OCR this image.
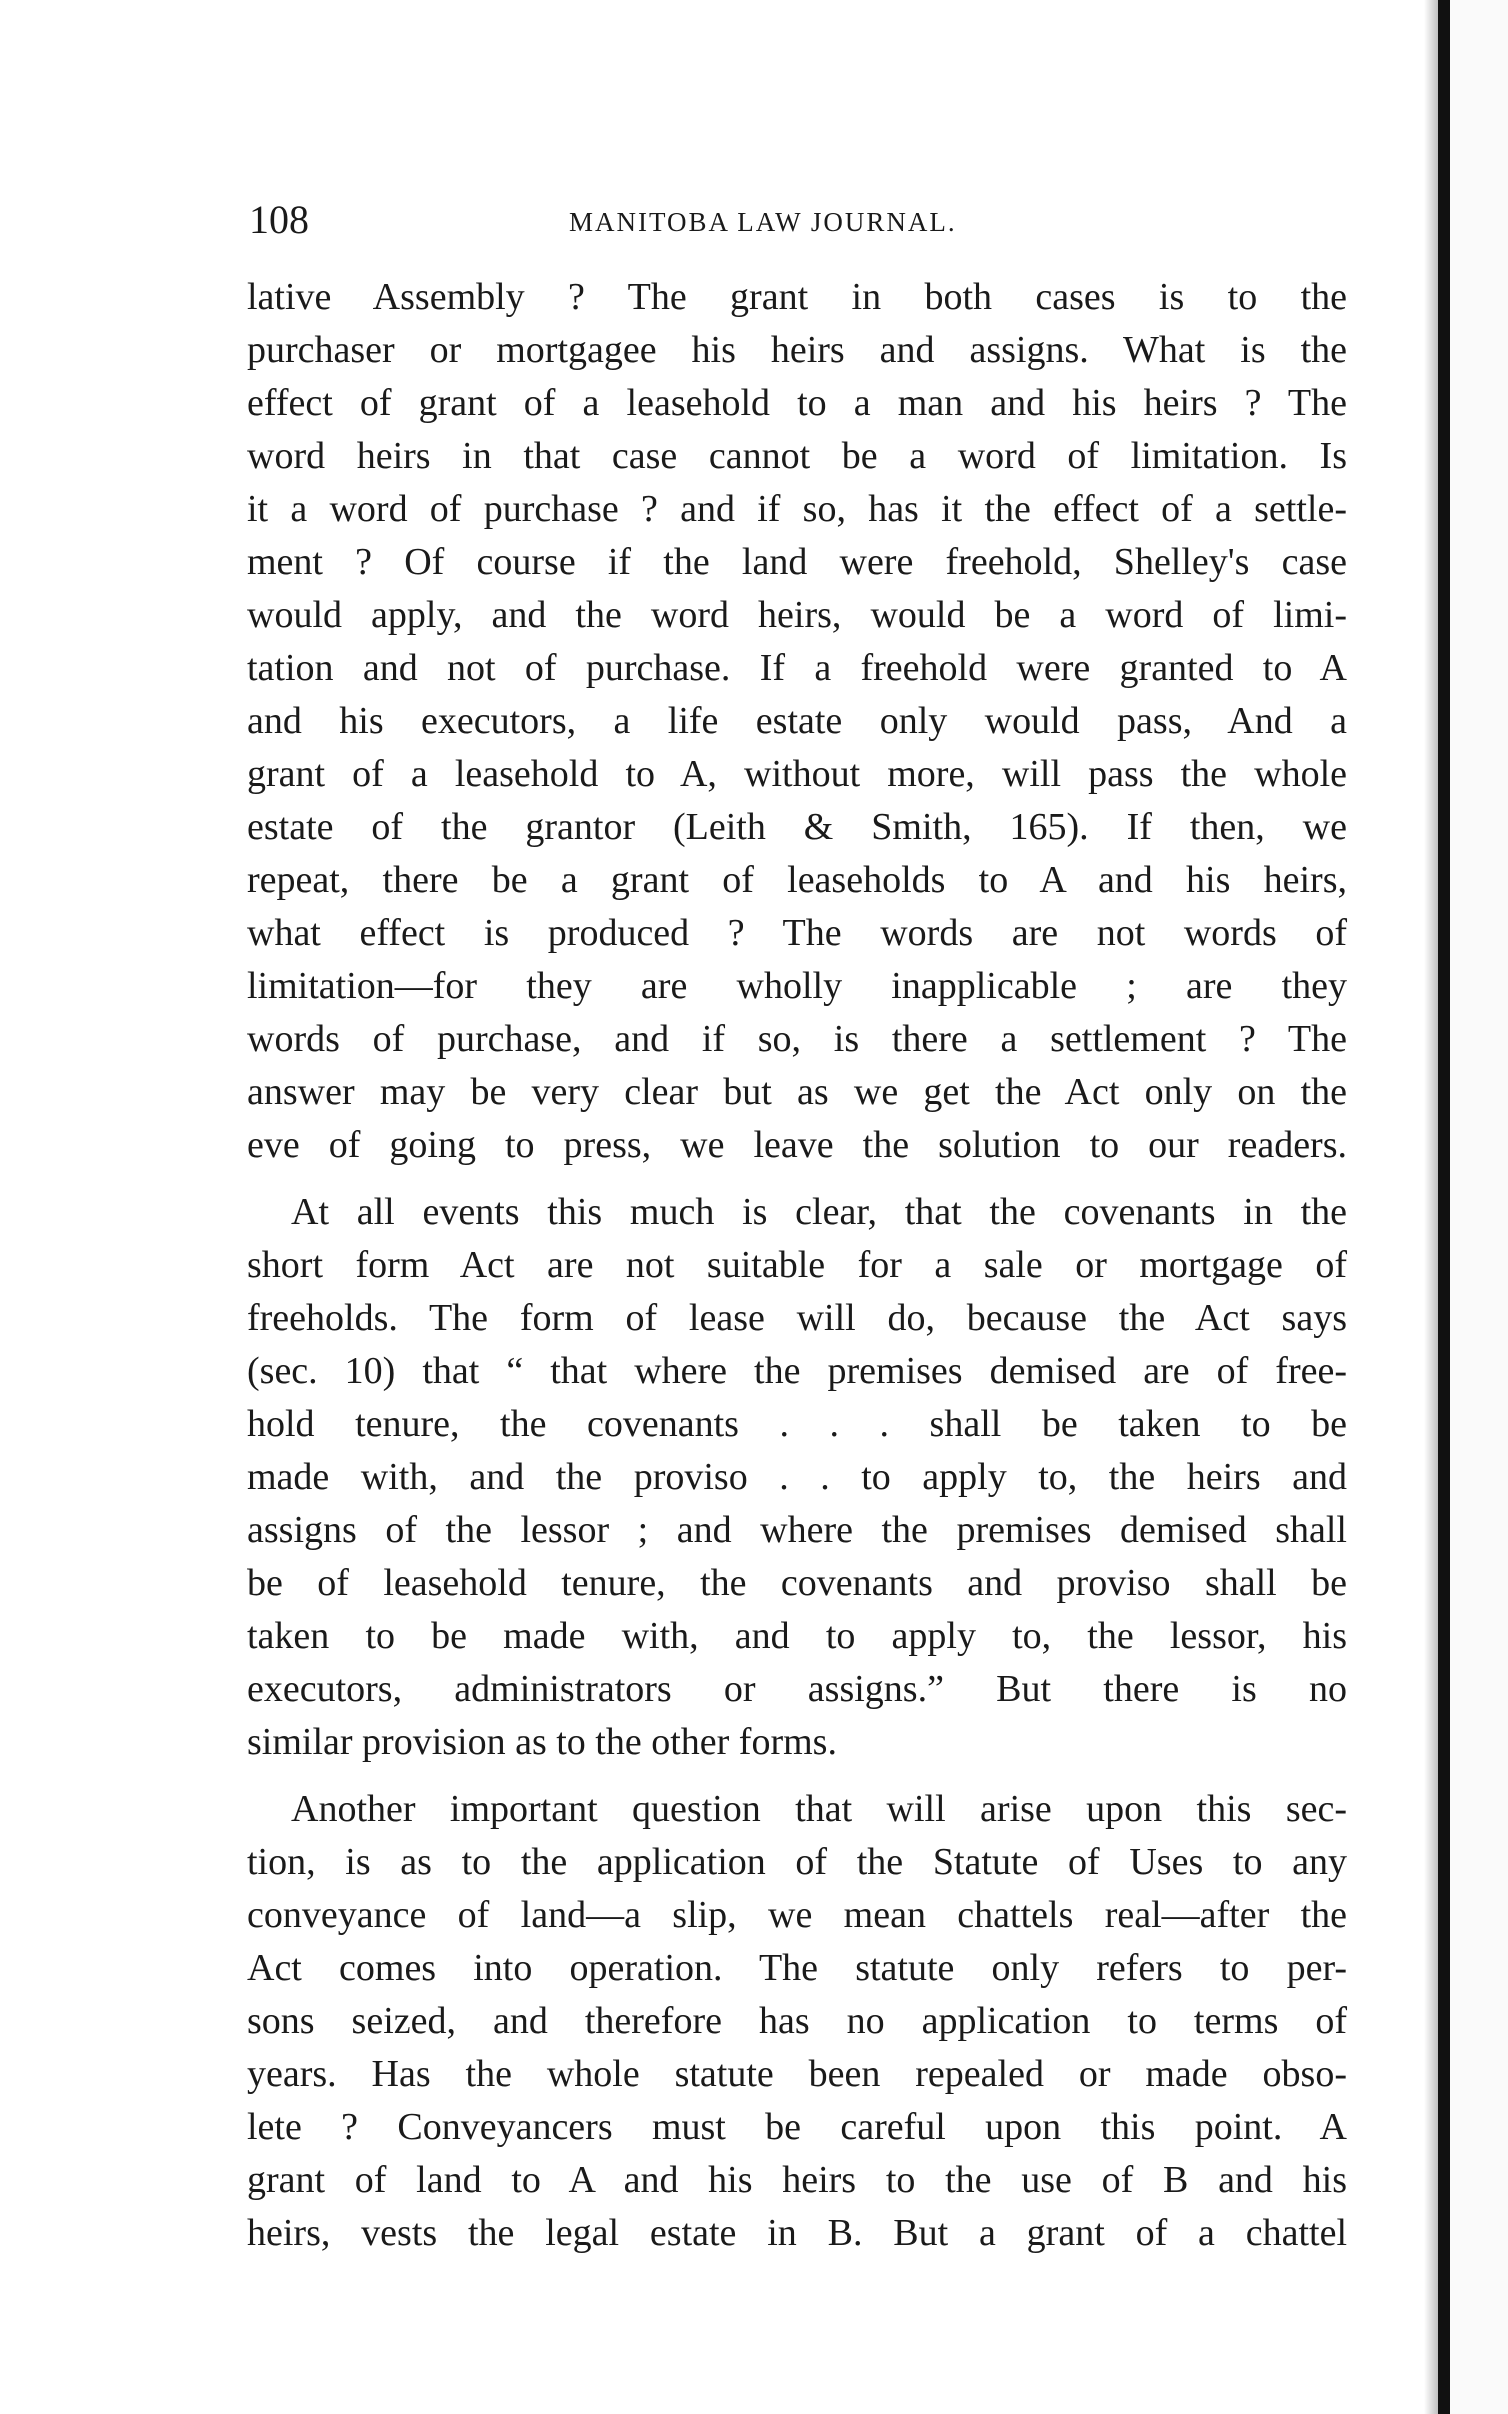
108	MANITOBA LAW JOURNAL.
lative Assembly ? The grant in both cases is to the
purchaser or mortgagee his heirs and assigns. What is the
effect of grant of a leasehold to a man and his heirs ? The
word heirs in that case cannot be a word of limitation. Is
it a word of purchase ? and if so, has it the effect of a settle-
ment ? Of course if the land were freehold, Shelley's case
would apply, and the word heirs, would be a word of limi-
tation and not of purchase. If a freehold were granted to A
and his executors, a life estate only would pass, And a
grant of a leasehold to A, without more, will pass the whole
estate of the grantor (Leith & Smith, 165). If then, we
repeat, there be a grant of leaseholds to A and his heirs,
what effect is produced ? The words are not words of
limitation—for they are wholly inapplicable ; are they
words of purchase, and if so, is there a settlement ? The
answer may be very clear but as we get the Act only on the
eve of going to press, we leave the solution to our readers.
At all events this much is clear, that the covenants in the
short form Act are not suitable for a sale or mortgage of
freeholds. The form of lease will do, because the Act says
(sec. 10) that “ that where the premises demised are of free-
hold tenure, the covenants . . . shall be taken to be
made with, and the proviso . . to apply to, the heirs and
assigns of the lessor ; and where the premises demised shall
be of leasehold tenure, the covenants and proviso shall be
taken to be made with, and to apply to, the lessor, his
executors, administrators or assigns.” But there is no
similar provision as to the other forms.
Another important question that will arise upon this sec-
tion, is as to the application of the Statute of Uses to any
conveyance of land—a slip, we mean chattels real—after the
Act comes into operation. The statute only refers to per-
sons seized, and therefore has no application to terms of
years. Has the whole statute been repealed or made obso-
lete ? Conveyancers must be careful upon this point. A
grant of land to A and his heirs to the use of B and his
heirs, vests the legal estate in B. But a grant of a chattel
